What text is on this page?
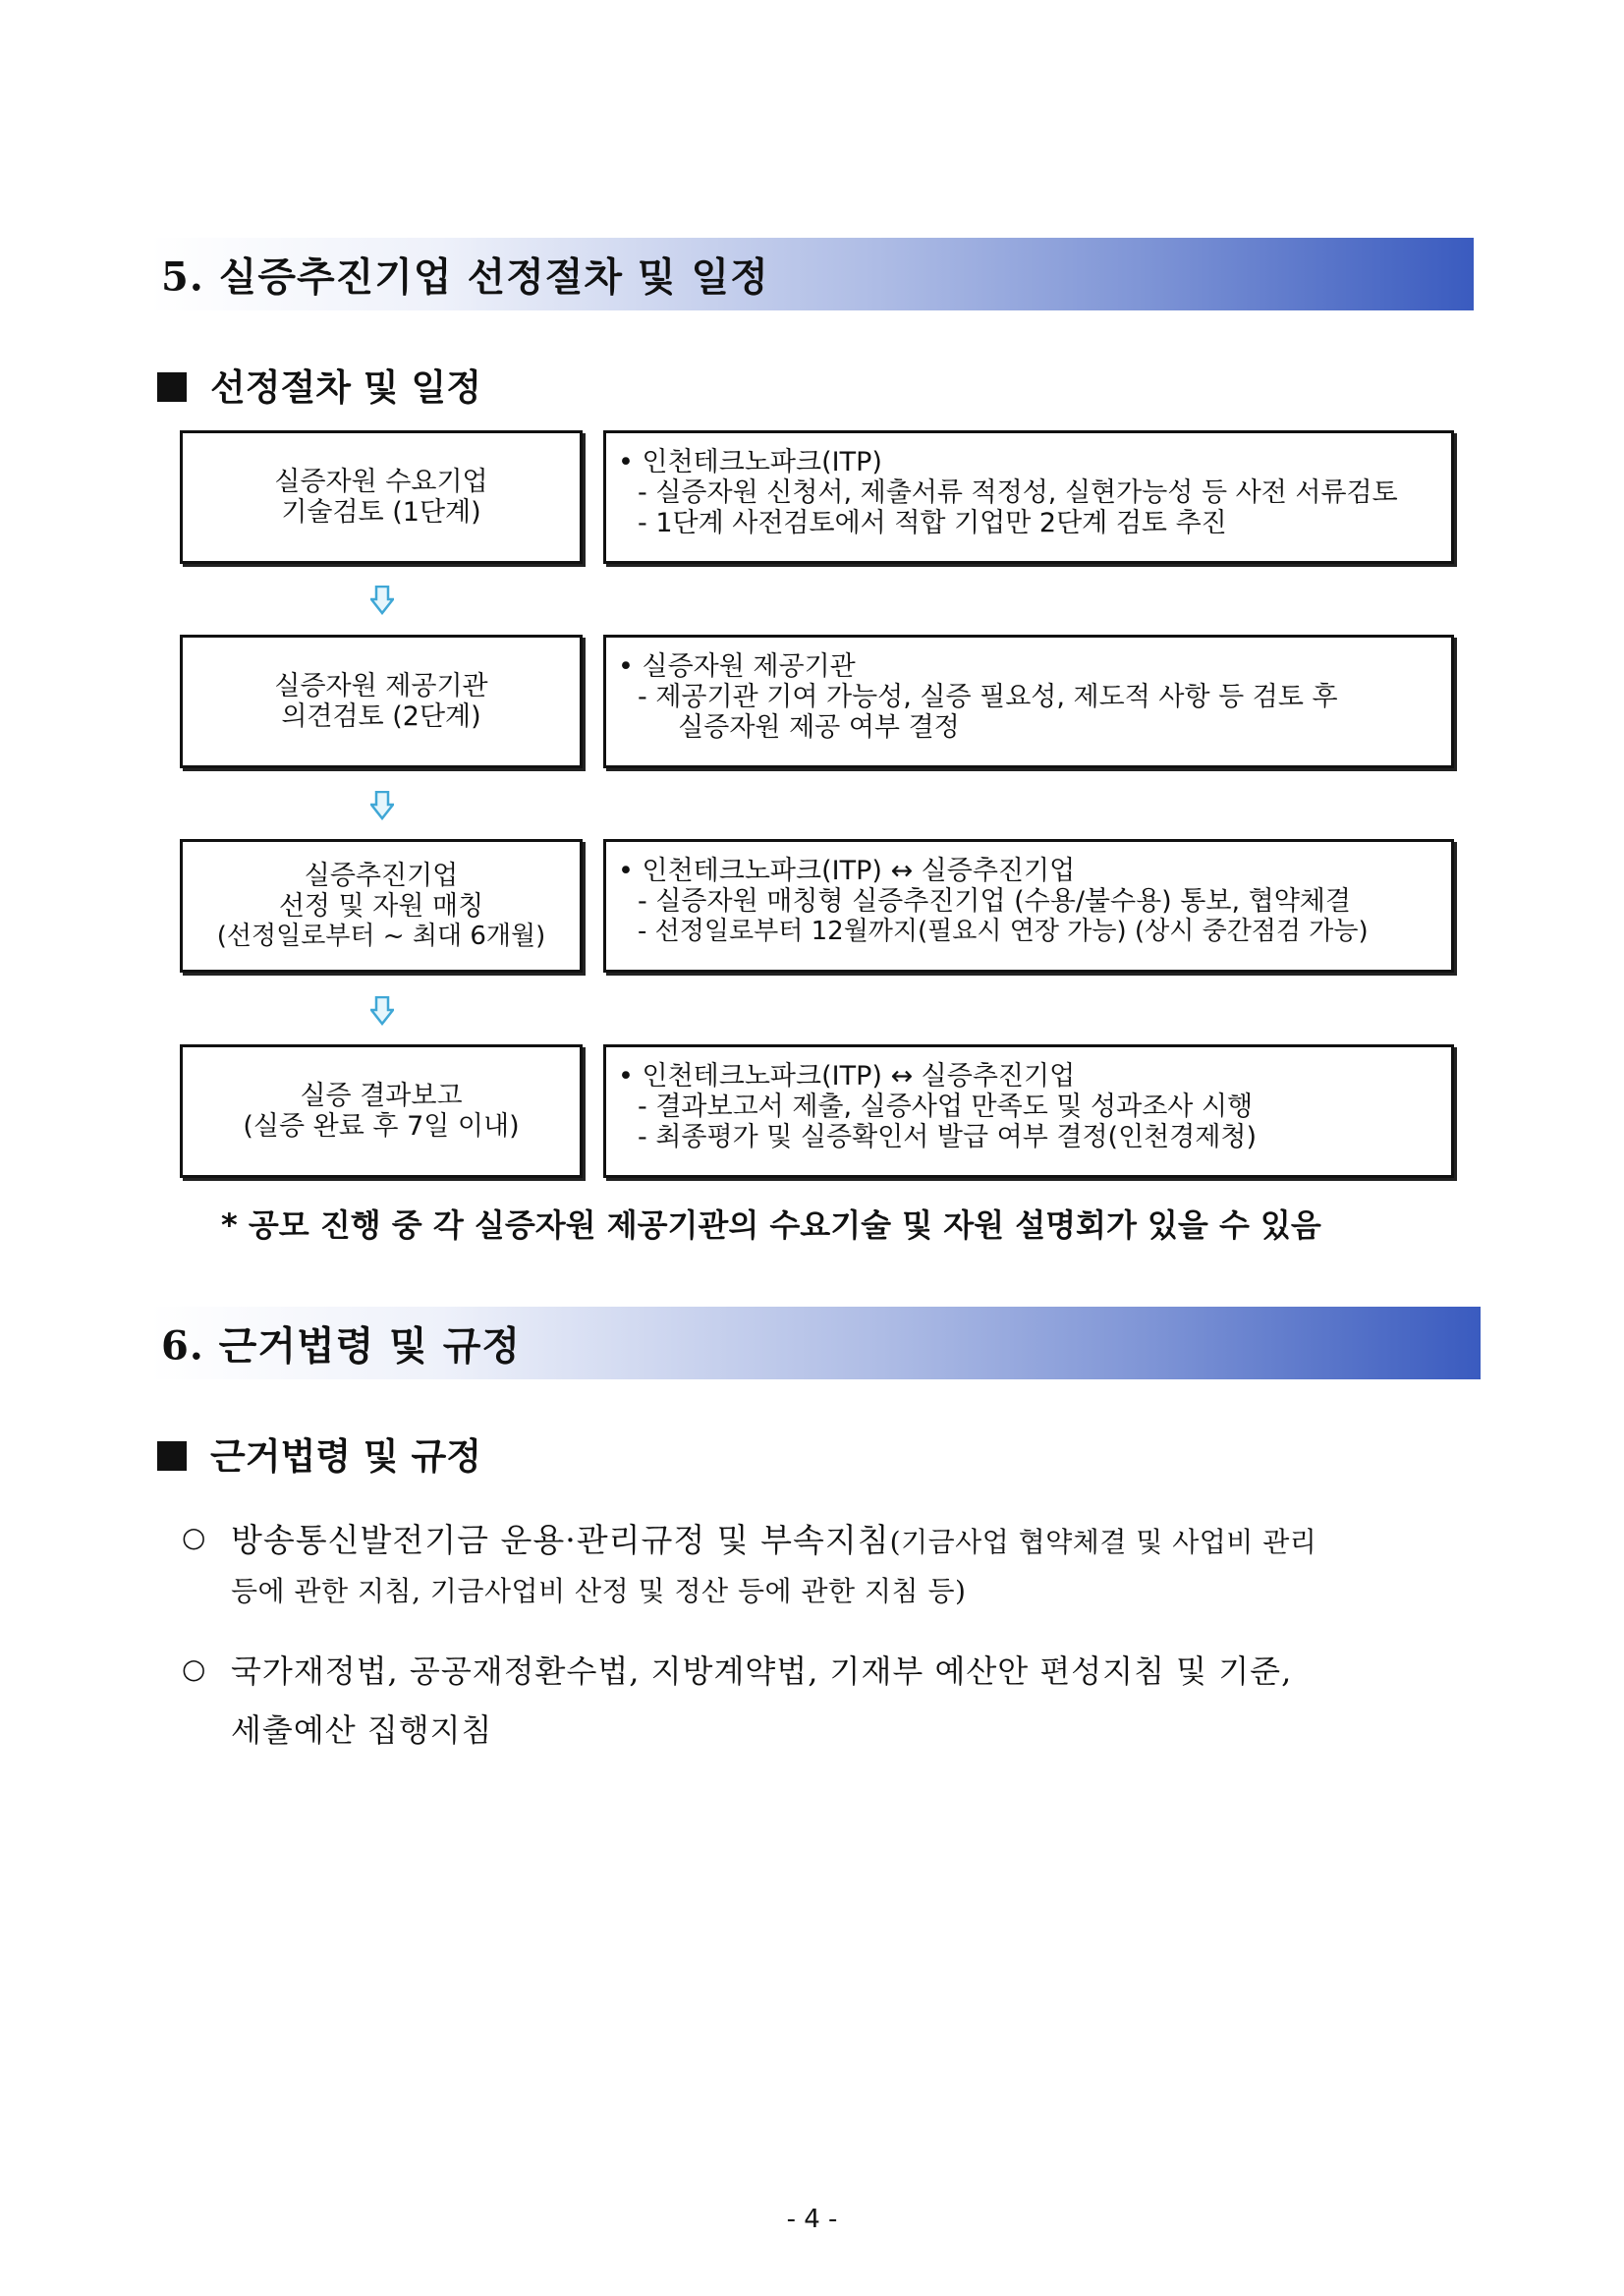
5. 실증추진기업 선정절차 및 일정
선정절차 및 일정
실증자원 수요기업
기술검토 (1단계)
• 인천테크노파크(ITP)
- 실증자원 신청서, 제출서류 적정성, 실현가능성 등 사전 서류검토
- 1단계 사전검토에서 적합 기업만 2단계 검토 추진
실증자원 제공기관
의견검토 (2단계)
• 실증자원 제공기관
- 제공기관 기여 가능성, 실증 필요성, 제도적 사항 등 검토 후
실증자원 제공 여부 결정
실증추진기업
선정 및 자원 매칭
(선정일로부터 ~ 최대 6개월)
• 인천테크노파크(ITP) ↔ 실증추진기업
- 실증자원 매칭형 실증추진기업 (수용/불수용) 통보, 협약체결
- 선정일로부터 12월까지(필요시 연장 가능) (상시 중간점검 가능)
실증 결과보고
(실증 완료 후 7일 이내)
• 인천테크노파크(ITP) ↔ 실증추진기업
- 결과보고서 제출, 실증사업 만족도 및 성과조사 시행
- 최종평가 및 실증확인서 발급 여부 결정(인천경제청)
* 공모 진행 중 각 실증자원 제공기관의 수요기술 및 자원 설명회가 있을 수 있음
6. 근거법령 및 규정
근거법령 및 규정
○ 방송통신발전기금 운용·관리규정 및 부속지침(기금사업 협약체결 및 사업비 관리
등에 관한 지침, 기금사업비 산정 및 정산 등에 관한 지침 등)
○ 국가재정법, 공공재정환수법, 지방계약법, 기재부 예산안 편성지침 및 기준,
세출예산 집행지침
- 4 -
